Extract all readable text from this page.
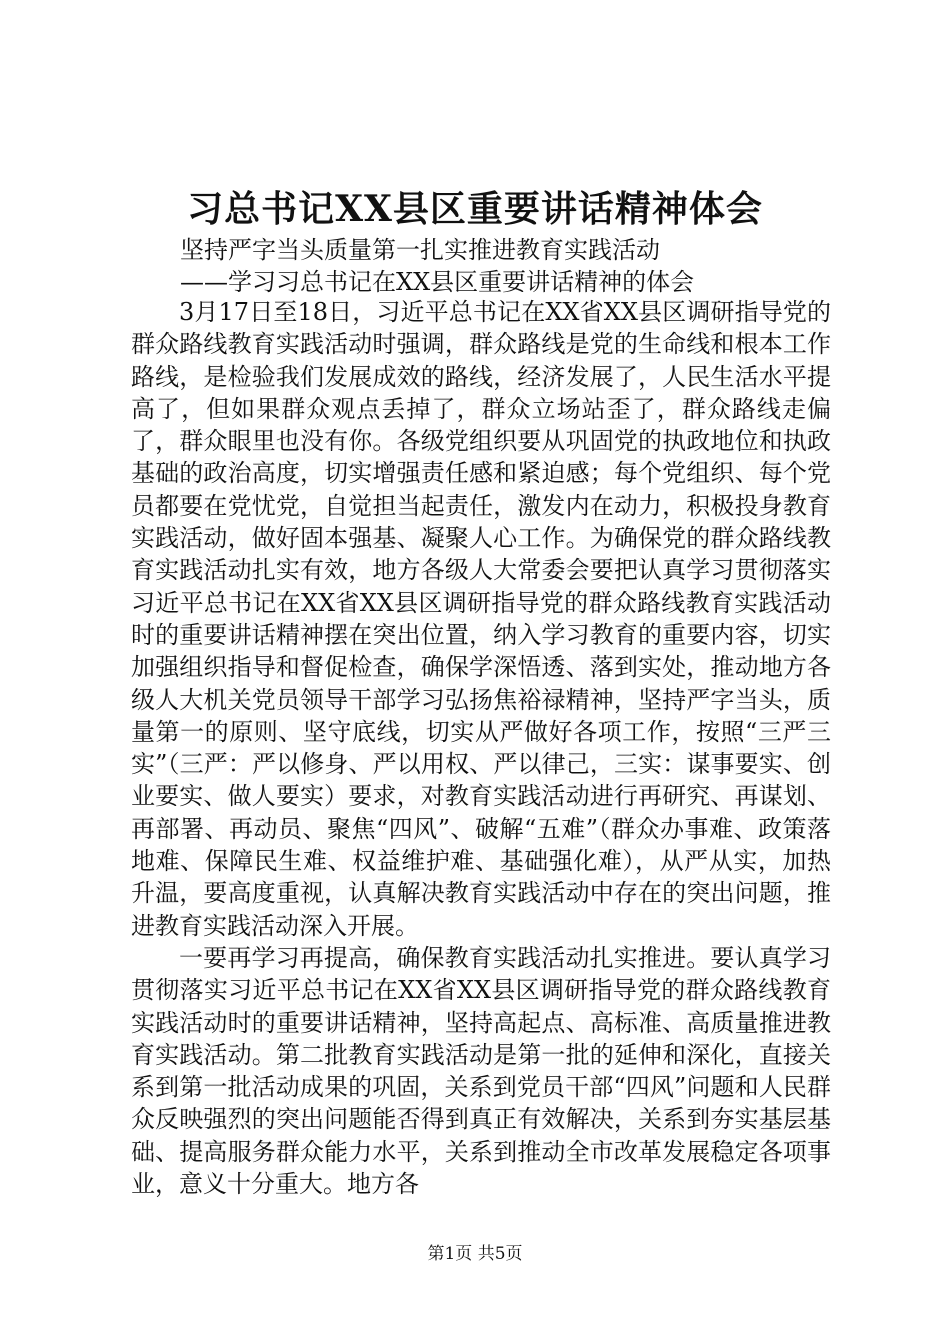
习总书记XX县区重要讲话精神体会
坚持严字当头质量第一扎实推进教育实践活动
——学习习总书记在XX县区重要讲话精神的体会

3月17日至18日，习近平总书记在XX省XX县区调研指导党的群众路线教育实践活动时强调，群众路线是党的生命线和根本工作路线，是检验我们发展成效的路线，经济发展了，人民生活水平提高了，但如果群众观点丢掉了，群众立场站歪了，群众路线走偏了，群众眼里也没有你。各级党组织要从巩固党的执政地位和执政基础的政治高度，切实增强责任感和紧迫感；每个党组织、每个党员都要在党忧党，自觉担当起责任，激发内在动力，积极投身教育实践活动，做好固本强基、凝聚人心工作。为确保党的群众路线教育实践活动扎实有效，地方各级人大常委会要把认真学习贯彻落实习近平总书记在XX省XX县区调研指导党的群众路线教育实践活动时的重要讲话精神摆在突出位置，纳入学习教育的重要内容，切实加强组织指导和督促检查，确保学深悟透、落到实处，推动地方各级人大机关党员领导干部学习弘扬焦裕禄精神，坚持严字当头，质量第一的原则、坚守底线，切实从严做好各项工作，按照“三严三实”（三严：严以修身、严以用权、严以律己，三实：谋事要实、创业要实、做人要实）要求，对教育实践活动进行再研究、再谋划、再部署、再动员、聚焦“四风”、破解“五难”（群众办事难、政策落地难、保障民生难、权益维护难、基础强化难），从严从实，加热升温，要高度重视，认真解决教育实践活动中存在的突出问题，推进教育实践活动深入开展。

一要再学习再提高，确保教育实践活动扎实推进。要认真学习贯彻落实习近平总书记在XX省XX县区调研指导党的群众路线教育实践活动时的重要讲话精神，坚持高起点、高标准、高质量推进教育实践活动。第二批教育实践活动是第一批的延伸和深化，直接关系到第一批活动成果的巩固，关系到党员干部“四风”问题和人民群众反映强烈的突出问题能否得到真正有效解决，关系到夯实基层基础、提高服务群众能力水平，关系到推动全市改革发展稳定各项事业，意义十分重大。地方各

第1页 共5页
